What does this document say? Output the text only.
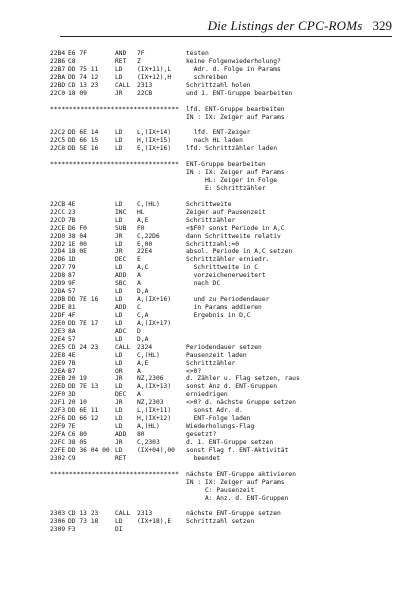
Die Listings der CPC-ROMs 329
22B4 E6 7F	AND	7F	testen
22B6 C8	RET	Z	keine Folgenwiederholung?
22B7 DD 75 11	LD	(IX+11),L	Adr. d. Folge in Params
22BA DD 74 12	LD	(IX+12),H	schreiben
22BD CD 13 23	CALL	2313	Schrittzahl holen
22C0 18 09	JR	22CB	und 1. ENT-Gruppe bearbeiten
**********************************	lfd. ENT-Gruppe bearbeiten
IN : IX: Zeiger auf Params
22C2 DD 6E 14	LD	L,(IX+14)	lfd. ENT-Zeiger
22C5 DD 66 15	LD	H,(IX+15)	nach HL laden
22C8 DD 5E 16	LD	E,(IX+16)	lfd. Schrittzähler laden
**********************************	ENT-Gruppe bearbeiten
IN : IX: Zeiger auf Params
HL: Zeiger in Folge
E: Schrittzähler
22CB 4E	LD	C,(HL)	Schrittweite
22CC 23	INC	HL	Zeiger auf Pausenzeit
22CD 7B	LD	A,E	Schrittzähler
22CE D6 F0	SUB	F0	<$F0? sonst Periode in A,C
22D0 38 04	JR	C,22D6	dann Schrittweite relativ
22D2 1E 00	LD	E,00	Schrittzahl:=0
22D4 18 0E	JR	22E4	absol. Periode in A,C setzen
22D6 1D	DEC	E	Schrittzähler erniedr.
22D7 79	LD	A,C	Schrittweite in C
22D8 87	ADD	A	vorzeichenerweitert
22D9 9F	SBC	A	nach DC
22DA 57	LD	D,A
22DB DD 7E 16	LD	A,(IX+16)	und zu Periodendauer
22DE 81	ADD	C	in Params addieren
22DF 4F	LD	C,A	Ergebnis in D,C
22E0 DD 7E 17	LD	A,(IX+17)
22E3 8A	ADC	D
22E4 57	LD	D,A
22E5 CD 24 23	CALL	2324	Periodendauer setzen
22E8 4E	LD	C,(HL)	Pausenzeit laden
22E9 7B	LD	A,E	Schrittzähler
22EA B7	OR	A	<>0?
22EB 20 19	JR	NZ,2306	d. Zähler u. Flag setzen, raus
22ED DD 7E 13	LD	A,(IX+13)	sonst Anz d. ENT-Gruppen
22F0 3D	DEC	A	erniedrigen
22F1 20 10	JR	NZ,2303	<>0? d. nächste Gruppe setzen
22F3 DD 6E 11	LD	L,(IX+11)	sonst Adr. d.
22F6 DD 66 12	LD	H,(IX+12)	ENT-Folge laden
22F9 7E	LD	A,(HL)	Wiederholungs-Flag
22FA C6 80	ADD	80	gesetzt?
22FC 38 05	JR	C,2303	d. 1. ENT-Gruppe setzen
22FE DD 36 04 00 LD	(IX+04),00	sonst Flag f. ENT-Aktivität
2302 C9	RET	beendet
**********************************	nächste ENT-Gruppe aktivieren
IN : IX: Zeiger auf Params
C: Pausenzeit
A: Anz. d. ENT-Gruppen
2303 CD 13 23	CALL	2313	nächste ENT-Gruppe setzen
2306 DD 73 18	LD	(IX+18),E	Schrittzahl setzen
2309 F3	DI
